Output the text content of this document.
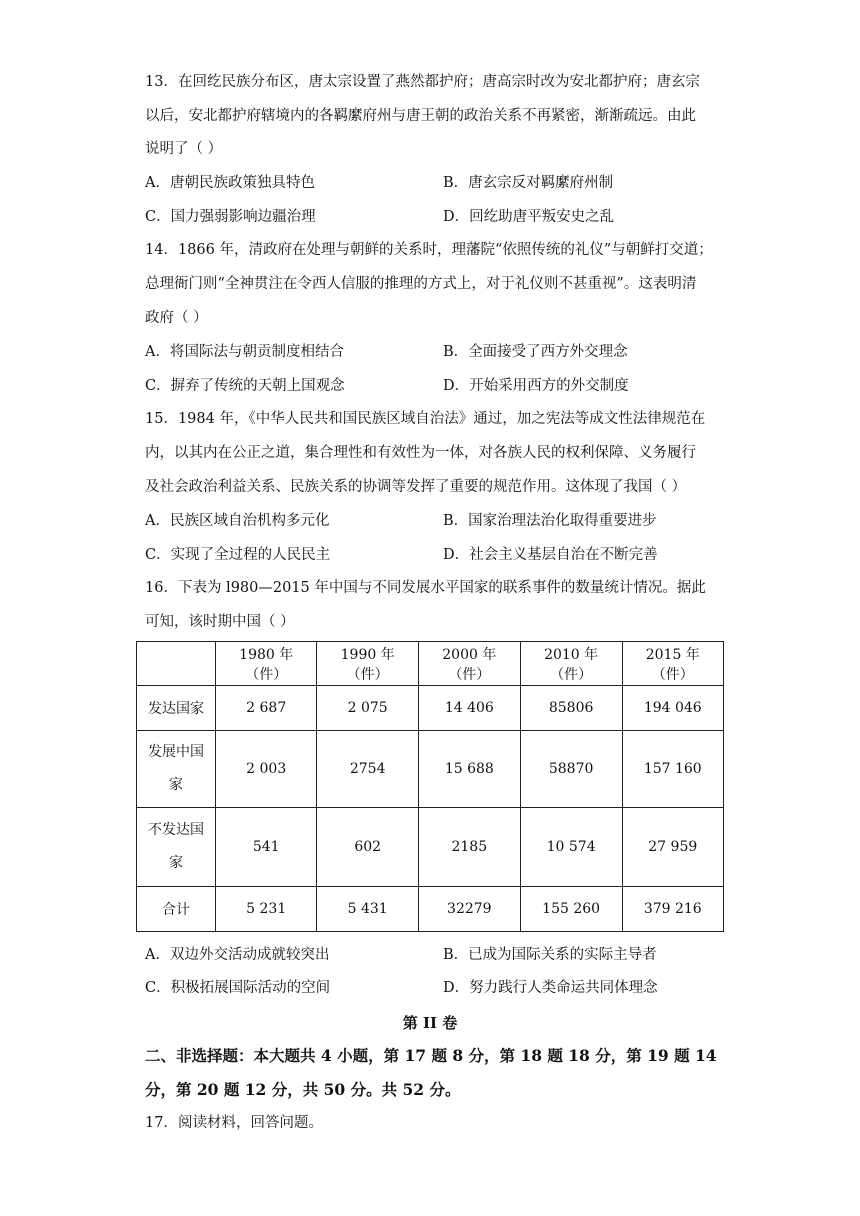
13．在回纥民族分布区，唐太宗设置了燕然都护府；唐高宗时改为安北都护府；唐玄宗
以后，安北都护府辖境内的各羁縻府州与唐王朝的政治关系不再紧密，渐渐疏远。由此
说明了（ ）
A．唐朝民族政策独具特色	B．唐玄宗反对羁縻府州制
C．国力强弱影响边疆治理	D．回纥助唐平叛安史之乱
14．1866 年，清政府在处理与朝鲜的关系时，理藩院“依照传统的礼仪”与朝鲜打交道；
总理衙门则“全神贯注在令西人信服的推理的方式上，对于礼仪则不甚重视”。这表明清
政府（ ）
A．将国际法与朝贡制度相结合	B．全面接受了西方外交理念
C．摒弃了传统的天朝上国观念	D．开始采用西方的外交制度
15．1984 年，《中华人民共和国民族区域自治法》通过，加之宪法等成文性法律规范在
内，以其内在公正之道，集合理性和有效性为一体，对各族人民的权利保障、义务履行
及社会政治利益关系、民族关系的协调等发挥了重要的规范作用。这体现了我国（ ）
A．民族区域自治机构多元化	B．国家治理法治化取得重要进步
C．实现了全过程的人民民主	D．社会主义基层自治在不断完善
16．下表为 l980—2015 年中国与不同发展水平国家的联系事件的数量统计情况。据此
可知，该时期中国（ ）
	1980 年（件）	1990 年（件）	2000 年（件）	2010 年（件）	2015 年（件）
发达国家	2 687	2 075	14 406	85806	194 046
发展中国
家	2 003	2754	15 688	58870	157 160
不发达国
家	541	602	2185	10 574	27 959
合计	5 231	5 431	32279	155 260	379 216
A．双边外交活动成就较突出	B．已成为国际关系的实际主导者
C．积极拓展国际活动的空间	D．努力践行人类命运共同体理念
第 II 卷
二、非选择题：本大题共 4 小题，第 17 题 8 分，第 18 题 18 分，第 19 题 14
分，第 20 题 12 分，共 50 分。共 52 分。
17．阅读材料，回答问题。
